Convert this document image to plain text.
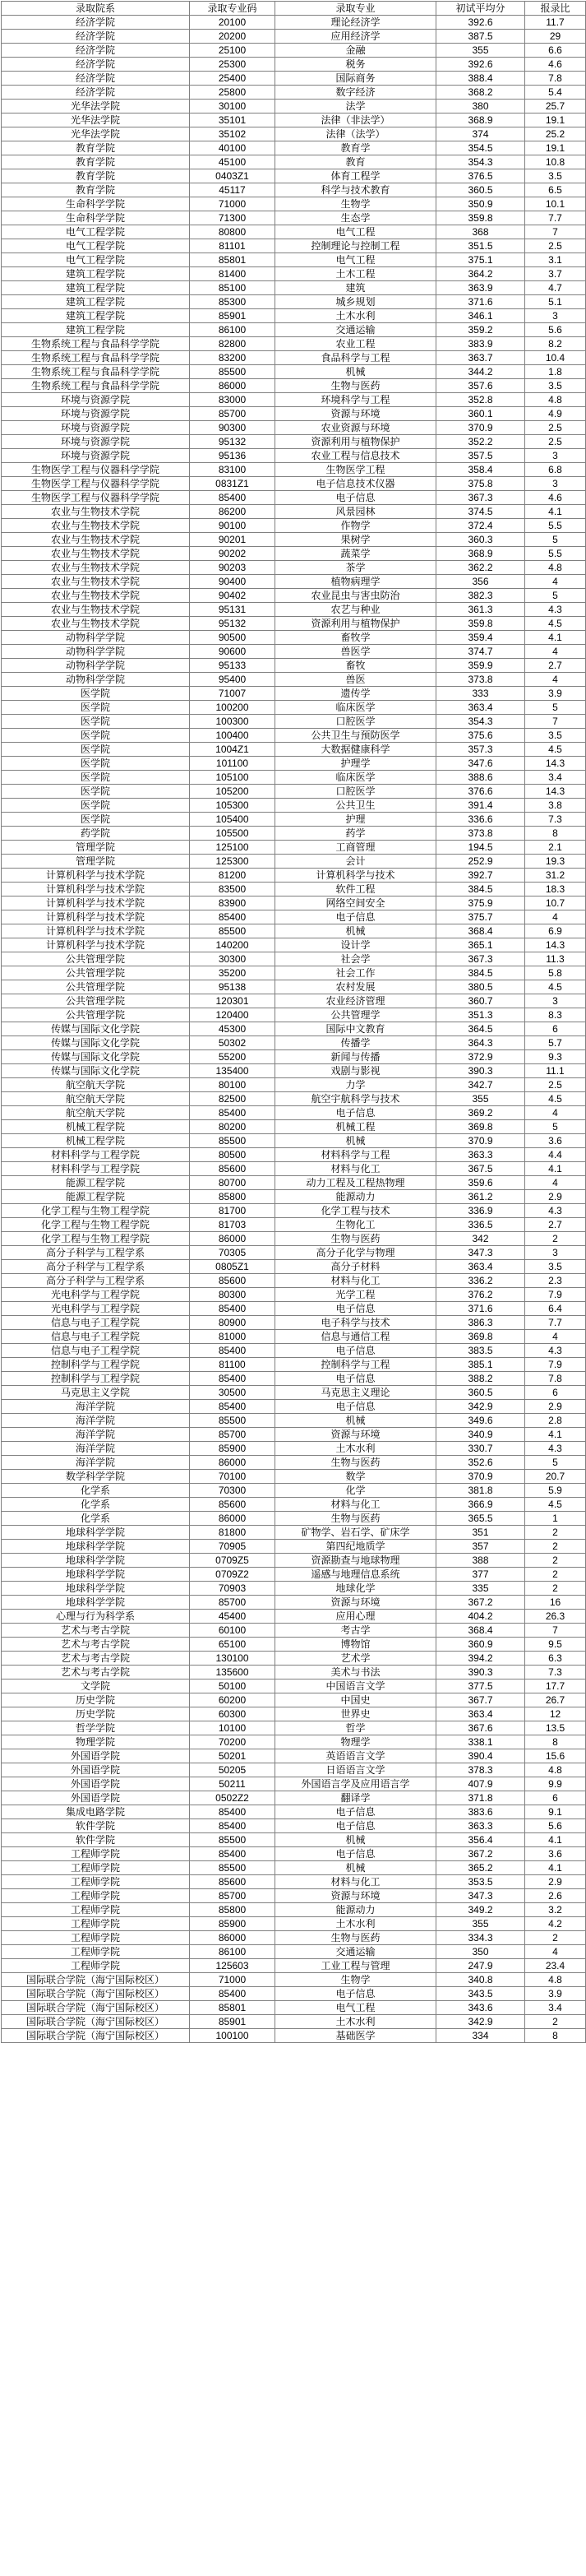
录取院系	录取专业码	录取专业	初试平均分	报录比
经济学院	20100	理论经济学	392.6	11.7
经济学院	20200	应用经济学	387.5	29
经济学院	25100	金融	355	6.6
经济学院	25300	税务	392.6	4.6
经济学院	25400	国际商务	388.4	7.8
经济学院	25800	数字经济	368.2	5.4
光华法学院	30100	法学	380	25.7
光华法学院	35101	法律（非法学）	368.9	19.1
光华法学院	35102	法律（法学）	374	25.2
教育学院	40100	教育学	354.5	19.1
教育学院	45100	教育	354.3	10.8
教育学院	0403Z1	体育工程学	376.5	3.5
教育学院	45117	科学与技术教育	360.5	6.5
生命科学学院	71000	生物学	350.9	10.1
生命科学学院	71300	生态学	359.8	7.7
电气工程学院	80800	电气工程	368	7
电气工程学院	81101	控制理论与控制工程	351.5	2.5
电气工程学院	85801	电气工程	375.1	3.1
建筑工程学院	81400	土木工程	364.2	3.7
建筑工程学院	85100	建筑	363.9	4.7
建筑工程学院	85300	城乡规划	371.6	5.1
建筑工程学院	85901	土木水利	346.1	3
建筑工程学院	86100	交通运输	359.2	5.6
生物系统工程与食品科学学院	82800	农业工程	383.9	8.2
生物系统工程与食品科学学院	83200	食品科学与工程	363.7	10.4
生物系统工程与食品科学学院	85500	机械	344.2	1.8
生物系统工程与食品科学学院	86000	生物与医药	357.6	3.5
环境与资源学院	83000	环境科学与工程	352.8	4.8
环境与资源学院	85700	资源与环境	360.1	4.9
环境与资源学院	90300	农业资源与环境	370.9	2.5
环境与资源学院	95132	资源利用与植物保护	352.2	2.5
环境与资源学院	95136	农业工程与信息技术	357.5	3
生物医学工程与仪器科学学院	83100	生物医学工程	358.4	6.8
生物医学工程与仪器科学学院	0831Z1	电子信息技术仪器	375.8	3
生物医学工程与仪器科学学院	85400	电子信息	367.3	4.6
农业与生物技术学院	86200	风景园林	374.5	4.1
农业与生物技术学院	90100	作物学	372.4	5.5
农业与生物技术学院	90201	果树学	360.3	5
农业与生物技术学院	90202	蔬菜学	368.9	5.5
农业与生物技术学院	90203	茶学	362.2	4.8
农业与生物技术学院	90400	植物病理学	356	4
农业与生物技术学院	90402	农业昆虫与害虫防治	382.3	5
农业与生物技术学院	95131	农艺与种业	361.3	4.3
农业与生物技术学院	95132	资源利用与植物保护	359.8	4.5
动物科学学院	90500	畜牧学	359.4	4.1
动物科学学院	90600	兽医学	374.7	4
动物科学学院	95133	畜牧	359.9	2.7
动物科学学院	95400	兽医	373.8	4
医学院	71007	遗传学	333	3.9
医学院	100200	临床医学	363.4	5
医学院	100300	口腔医学	354.3	7
医学院	100400	公共卫生与预防医学	375.6	3.5
医学院	1004Z1	大数据健康科学	357.3	4.5
医学院	101100	护理学	347.6	14.3
医学院	105100	临床医学	388.6	3.4
医学院	105200	口腔医学	376.6	14.3
医学院	105300	公共卫生	391.4	3.8
医学院	105400	护理	336.6	7.3
药学院	105500	药学	373.8	8
管理学院	125100	工商管理	194.5	2.1
管理学院	125300	会计	252.9	19.3
计算机科学与技术学院	81200	计算机科学与技术	392.7	31.2
计算机科学与技术学院	83500	软件工程	384.5	18.3
计算机科学与技术学院	83900	网络空间安全	375.9	10.7
计算机科学与技术学院	85400	电子信息	375.7	4
计算机科学与技术学院	85500	机械	368.4	6.9
计算机科学与技术学院	140200	设计学	365.1	14.3
公共管理学院	30300	社会学	367.3	11.3
公共管理学院	35200	社会工作	384.5	5.8
公共管理学院	95138	农村发展	380.5	4.5
公共管理学院	120301	农业经济管理	360.7	3
公共管理学院	120400	公共管理学	351.3	8.3
传媒与国际文化学院	45300	国际中文教育	364.5	6
传媒与国际文化学院	50302	传播学	364.3	5.7
传媒与国际文化学院	55200	新闻与传播	372.9	9.3
传媒与国际文化学院	135400	戏剧与影视	390.3	11.1
航空航天学院	80100	力学	342.7	2.5
航空航天学院	82500	航空宇航科学与技术	355	4.5
航空航天学院	85400	电子信息	369.2	4
机械工程学院	80200	机械工程	369.8	5
机械工程学院	85500	机械	370.9	3.6
材料科学与工程学院	80500	材料科学与工程	363.3	4.4
材料科学与工程学院	85600	材料与化工	367.5	4.1
能源工程学院	80700	动力工程及工程热物理	359.6	4
能源工程学院	85800	能源动力	361.2	2.9
化学工程与生物工程学院	81700	化学工程与技术	336.9	4.3
化学工程与生物工程学院	81703	生物化工	336.5	2.7
化学工程与生物工程学院	86000	生物与医药	342	2
高分子科学与工程学系	70305	高分子化学与物理	347.3	3
高分子科学与工程学系	0805Z1	高分子材料	363.4	3.5
高分子科学与工程学系	85600	材料与化工	336.2	2.3
光电科学与工程学院	80300	光学工程	376.2	7.9
光电科学与工程学院	85400	电子信息	371.6	6.4
信息与电子工程学院	80900	电子科学与技术	386.3	7.7
信息与电子工程学院	81000	信息与通信工程	369.8	4
信息与电子工程学院	85400	电子信息	383.5	4.3
控制科学与工程学院	81100	控制科学与工程	385.1	7.9
控制科学与工程学院	85400	电子信息	388.2	7.8
马克思主义学院	30500	马克思主义理论	360.5	6
海洋学院	85400	电子信息	342.9	2.9
海洋学院	85500	机械	349.6	2.8
海洋学院	85700	资源与环境	340.9	4.1
海洋学院	85900	土木水利	330.7	4.3
海洋学院	86000	生物与医药	352.6	5
数学科学学院	70100	数学	370.9	20.7
化学系	70300	化学	381.8	5.9
化学系	85600	材料与化工	366.9	4.5
化学系	86000	生物与医药	365.5	1
地球科学学院	81800	矿物学、岩石学、矿床学	351	2
地球科学学院	70905	第四纪地质学	357	2
地球科学学院	0709Z5	资源勘查与地球物理	388	2
地球科学学院	0709Z2	遥感与地理信息系统	377	2
地球科学学院	70903	地球化学	335	2
地球科学学院	85700	资源与环境	367.2	16
心理与行为科学系	45400	应用心理	404.2	26.3
艺术与考古学院	60100	考古学	368.4	7
艺术与考古学院	65100	博物馆	360.9	9.5
艺术与考古学院	130100	艺术学	394.2	6.3
艺术与考古学院	135600	美术与书法	390.3	7.3
文学院	50100	中国语言文学	377.5	17.7
历史学院	60200	中国史	367.7	26.7
历史学院	60300	世界史	363.4	12
哲学学院	10100	哲学	367.6	13.5
物理学院	70200	物理学	338.1	8
外国语学院	50201	英语语言文学	390.4	15.6
外国语学院	50205	日语语言文学	378.3	4.8
外国语学院	50211	外国语言学及应用语言学	407.9	9.9
外国语学院	0502Z2	翻译学	371.8	6
集成电路学院	85400	电子信息	383.6	9.1
软件学院	85400	电子信息	363.3	5.6
软件学院	85500	机械	356.4	4.1
工程师学院	85400	电子信息	367.2	3.6
工程师学院	85500	机械	365.2	4.1
工程师学院	85600	材料与化工	353.5	2.9
工程师学院	85700	资源与环境	347.3	2.6
工程师学院	85800	能源动力	349.2	3.2
工程师学院	85900	土木水利	355	4.2
工程师学院	86000	生物与医药	334.3	2
工程师学院	86100	交通运输	350	4
工程师学院	125603	工业工程与管理	247.9	23.4
国际联合学院（海宁国际校区）	71000	生物学	340.8	4.8
国际联合学院（海宁国际校区）	85400	电子信息	343.5	3.9
国际联合学院（海宁国际校区）	85801	电气工程	343.6	3.4
国际联合学院（海宁国际校区）	85901	土木水利	342.9	2
国际联合学院（海宁国际校区）	100100	基础医学	334	8
